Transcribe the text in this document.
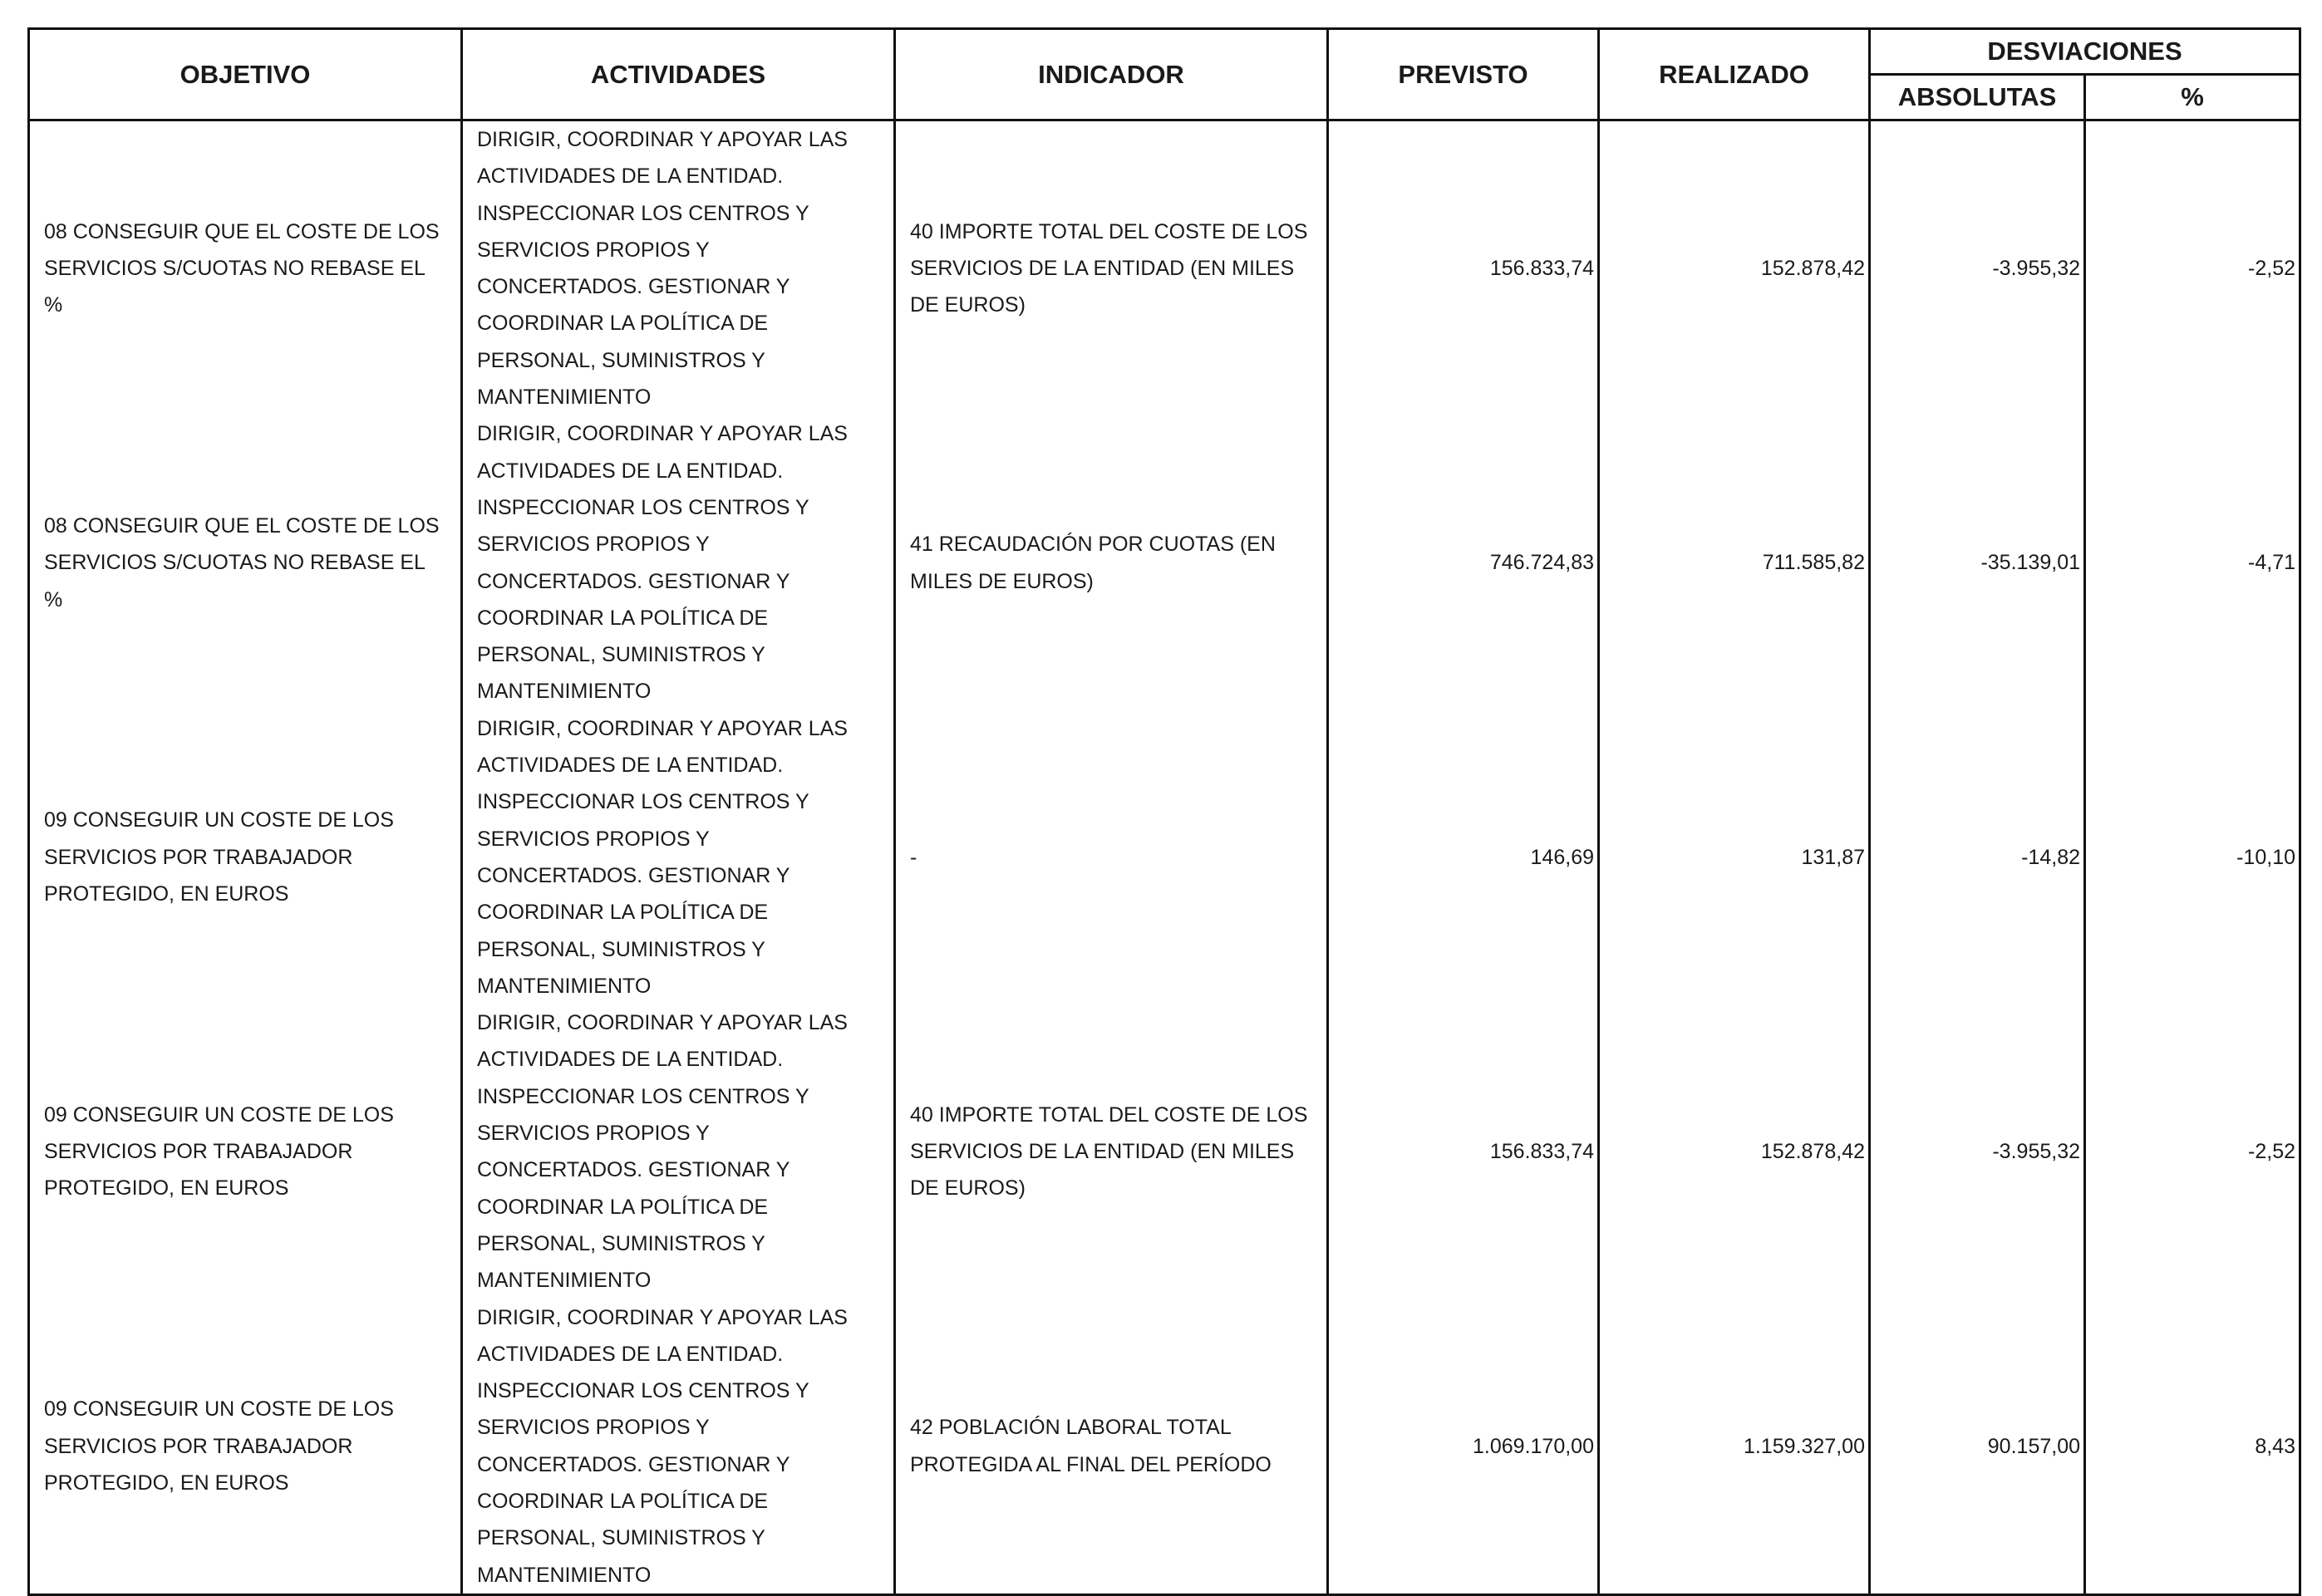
OBJETIVO	ACTIVIDADES	INDICADOR	PREVISTO	REALIZADO	DESVIACIONES	
					ABSOLUTAS	%
08 CONSEGUIR QUE EL COSTE DE LOS SERVICIOS S/CUOTAS NO REBASE EL %	DIRIGIR, COORDINAR Y APOYAR LAS ACTIVIDADES DE LA ENTIDAD. INSPECCIONAR LOS CENTROS Y SERVICIOS PROPIOS Y CONCERTADOS. GESTIONAR Y COORDINAR LA POLÍTICA DE PERSONAL, SUMINISTROS Y MANTENIMIENTO	40 IMPORTE TOTAL DEL COSTE DE LOS SERVICIOS DE LA ENTIDAD (EN MILES DE EUROS)	156.833,74	152.878,42	-3.955,32	-2,52
08 CONSEGUIR QUE EL COSTE DE LOS SERVICIOS S/CUOTAS NO REBASE EL %	DIRIGIR, COORDINAR Y APOYAR LAS ACTIVIDADES DE LA ENTIDAD. INSPECCIONAR LOS CENTROS Y SERVICIOS PROPIOS Y CONCERTADOS. GESTIONAR Y COORDINAR LA POLÍTICA DE PERSONAL, SUMINISTROS Y MANTENIMIENTO	41 RECAUDACIÓN POR CUOTAS (EN MILES DE EUROS)	746.724,83	711.585,82	-35.139,01	-4,71
09 CONSEGUIR UN COSTE DE LOS SERVICIOS POR TRABAJADOR PROTEGIDO, EN EUROS	DIRIGIR, COORDINAR Y APOYAR LAS ACTIVIDADES DE LA ENTIDAD. INSPECCIONAR LOS CENTROS Y SERVICIOS PROPIOS Y CONCERTADOS. GESTIONAR Y COORDINAR LA POLÍTICA DE PERSONAL, SUMINISTROS Y MANTENIMIENTO	-	146,69	131,87	-14,82	-10,10
09 CONSEGUIR UN COSTE DE LOS SERVICIOS POR TRABAJADOR PROTEGIDO, EN EUROS	DIRIGIR, COORDINAR Y APOYAR LAS ACTIVIDADES DE LA ENTIDAD. INSPECCIONAR LOS CENTROS Y SERVICIOS PROPIOS Y CONCERTADOS. GESTIONAR Y COORDINAR LA POLÍTICA DE PERSONAL, SUMINISTROS Y MANTENIMIENTO	40 IMPORTE TOTAL DEL COSTE DE LOS SERVICIOS DE LA ENTIDAD (EN MILES DE EUROS)	156.833,74	152.878,42	-3.955,32	-2,52
09 CONSEGUIR UN COSTE DE LOS SERVICIOS POR TRABAJADOR PROTEGIDO, EN EUROS	DIRIGIR, COORDINAR Y APOYAR LAS ACTIVIDADES DE LA ENTIDAD. INSPECCIONAR LOS CENTROS Y SERVICIOS PROPIOS Y CONCERTADOS. GESTIONAR Y COORDINAR LA POLÍTICA DE PERSONAL, SUMINISTROS Y MANTENIMIENTO	42 POBLACIÓN LABORAL TOTAL PROTEGIDA AL FINAL DEL PERÍODO	1.069.170,00	1.159.327,00	90.157,00	8,43
